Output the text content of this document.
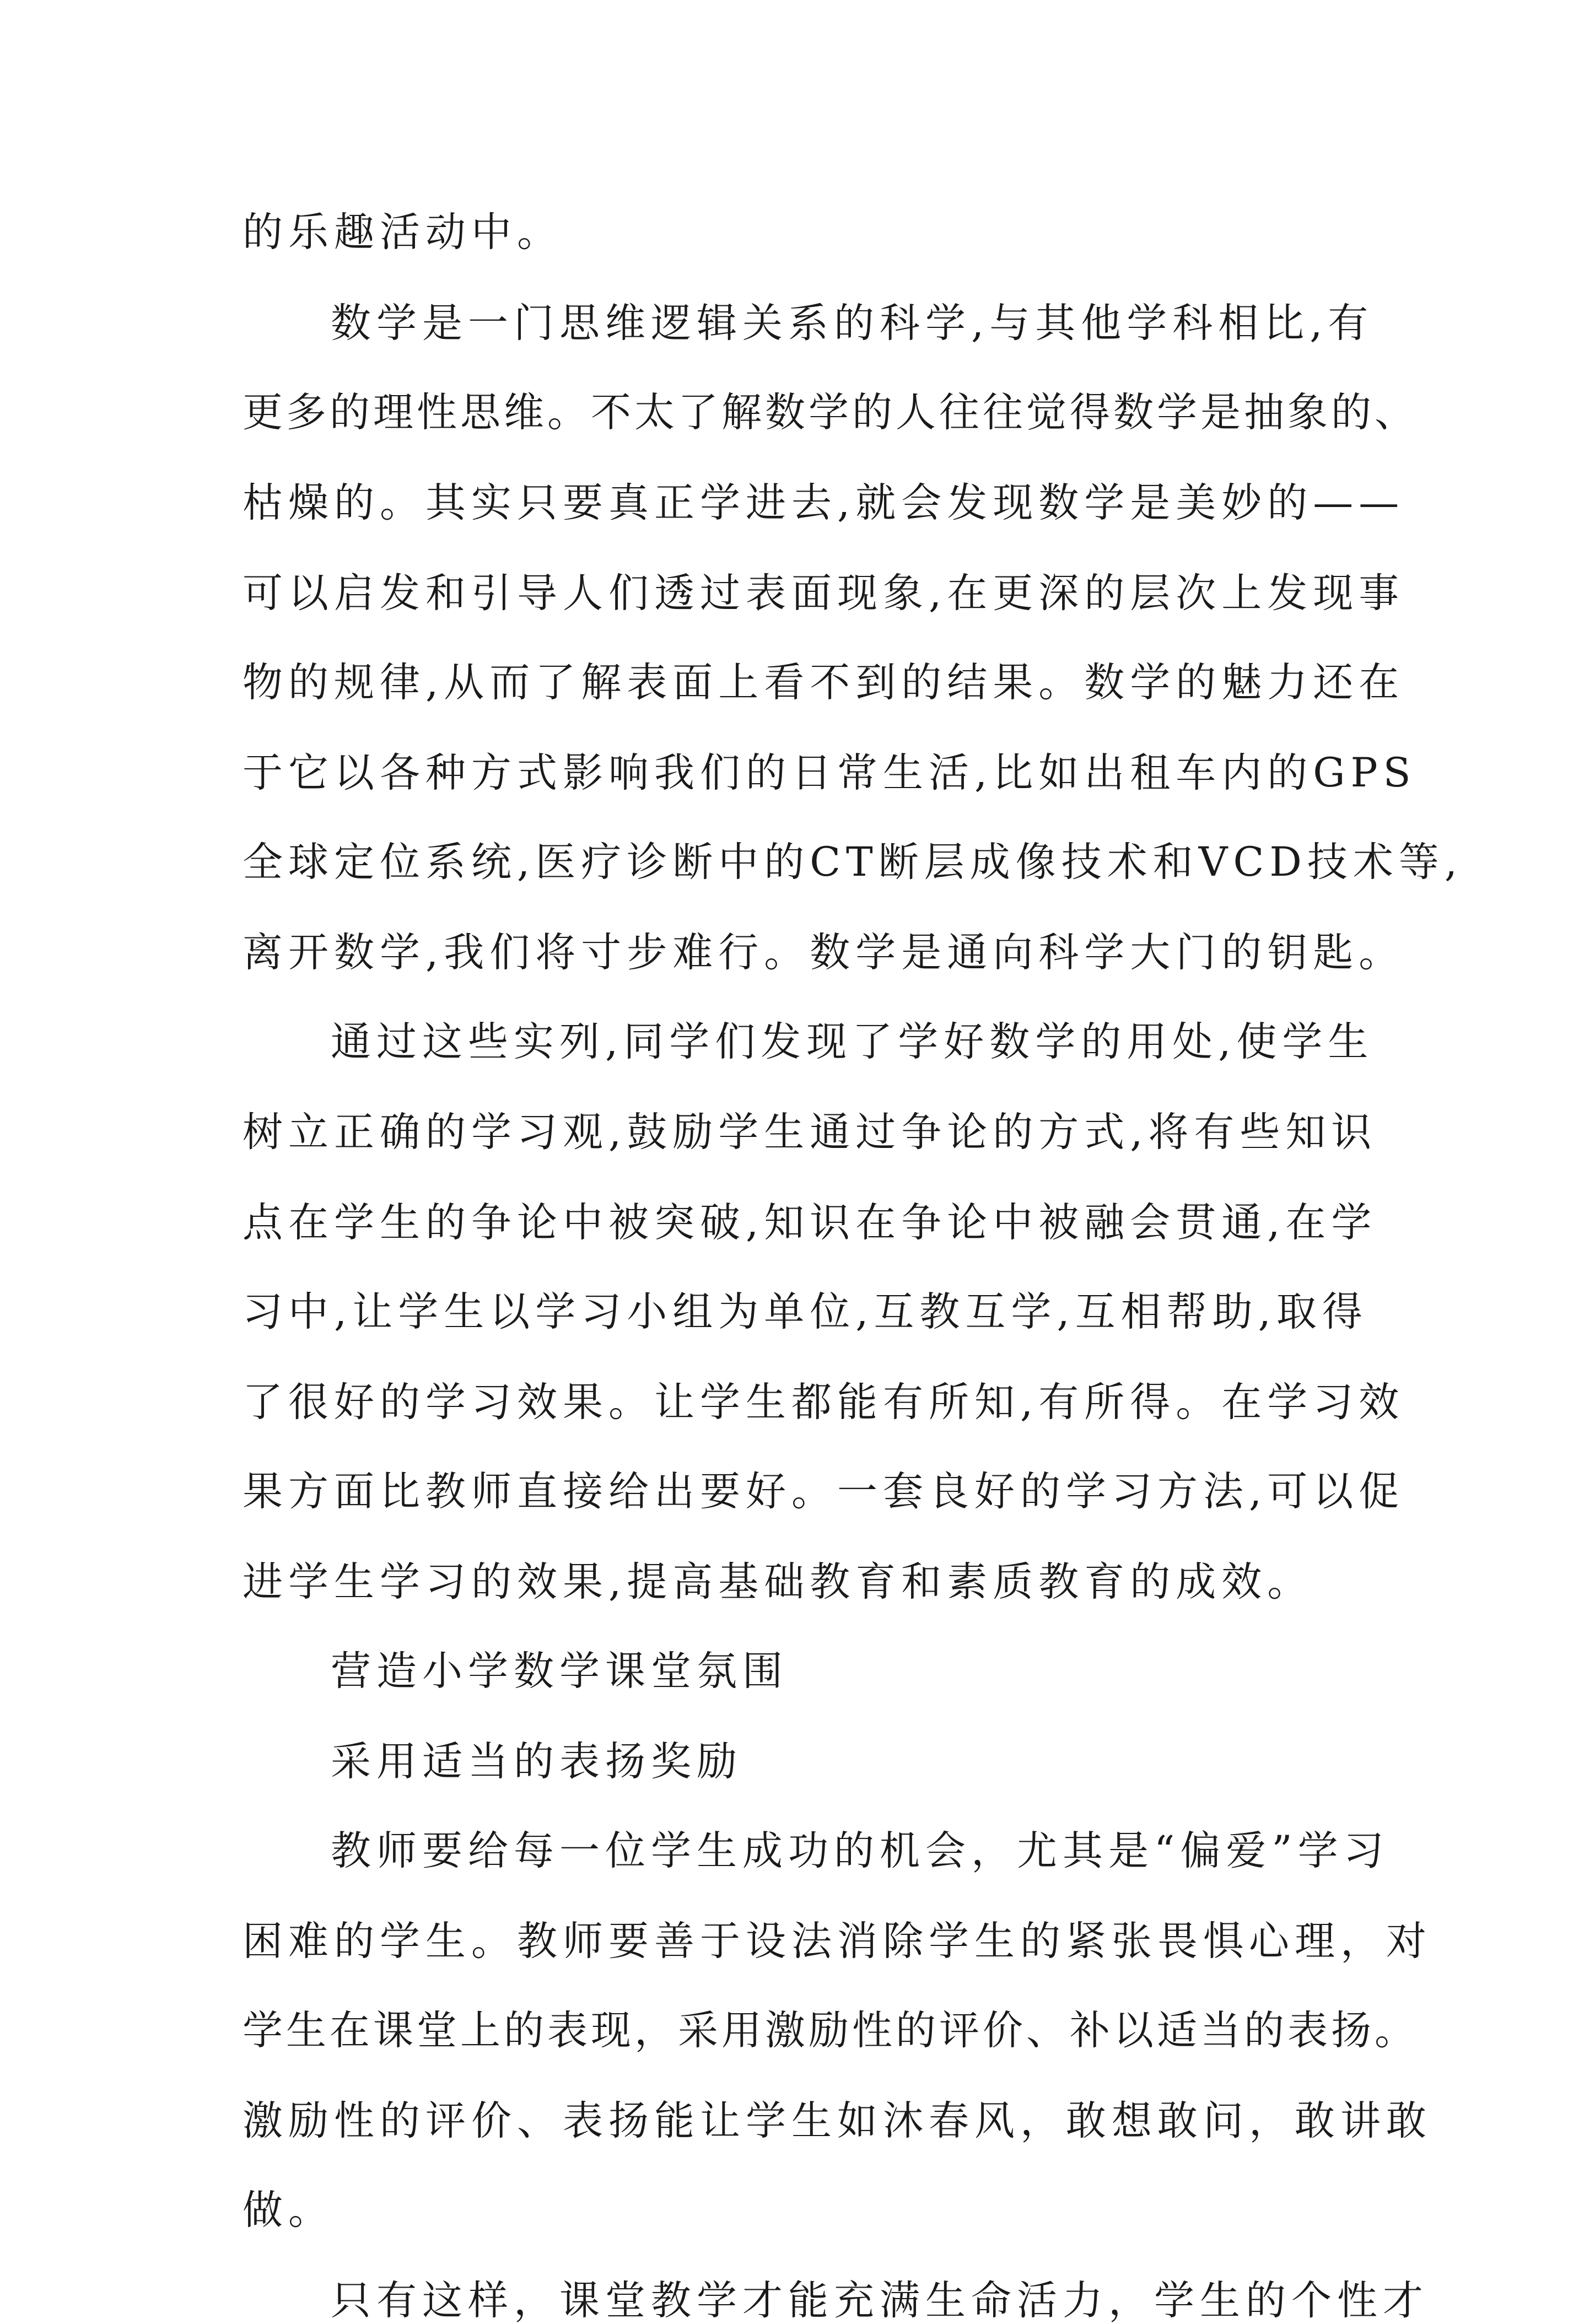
的乐趣活动中。
数学是一门思维逻辑关系的科学,与其他学科相比,有
更多的理性思维。不太了解数学的人往往觉得数学是抽象的、
枯燥的。其实只要真正学进去,就会发现数学是美妙的——
可以启发和引导人们透过表面现象,在更深的层次上发现事
物的规律,从而了解表面上看不到的结果。数学的魅力还在
于它以各种方式影响我们的日常生活,比如出租车内的GPS
全球定位系统,医疗诊断中的CT断层成像技术和VCD技术等,
离开数学,我们将寸步难行。数学是通向科学大门的钥匙。
通过这些实列,同学们发现了学好数学的用处,使学生
树立正确的学习观,鼓励学生通过争论的方式,将有些知识
点在学生的争论中被突破,知识在争论中被融会贯通,在学
习中,让学生以学习小组为单位,互教互学,互相帮助,取得
了很好的学习效果。让学生都能有所知,有所得。在学习效
果方面比教师直接给出要好。一套良好的学习方法,可以促
进学生学习的效果,提高基础教育和素质教育的成效。
营造小学数学课堂氛围
采用适当的表扬奖励
教师要给每一位学生成功的机会，尤其是“偏爱”学习
困难的学生。教师要善于设法消除学生的紧张畏惧心理，对
学生在课堂上的表现，采用激励性的评价、补以适当的表扬。
激励性的评价、表扬能让学生如沐春风，敢想敢问，敢讲敢
做。
只有这样，课堂教学才能充满生命活力，学生的个性才
